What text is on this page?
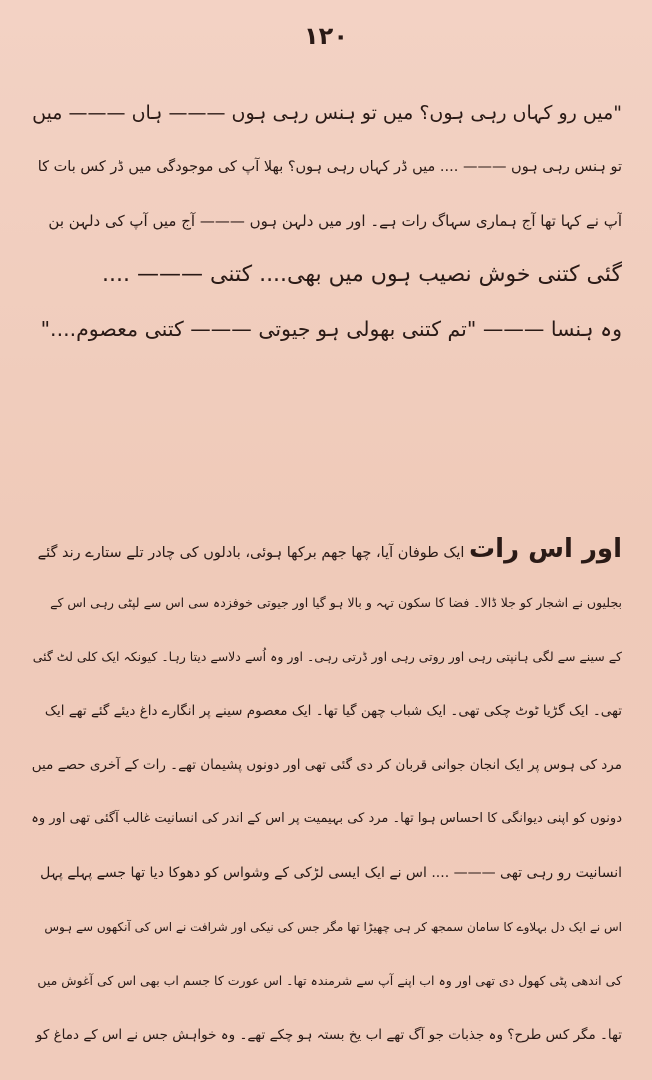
۱۲۰
"میں رو کہاں رہی ہوں؟ میں تو ہنس رہی ہوں ——— ہاں ——— میں
تو ہنس رہی ہوں ——— .... میں ڈر کہاں رہی ہوں؟ بھلا آپ کی موجودگی میں ڈر کس بات کا
آپ نے کہا تھا آج ہماری سہاگ رات ہے۔ اور میں دلہن ہوں ——— آج میں آپ کی دلہن بن
گئی کتنی خوش نصیب ہوں میں بھی.... کتنی ——— ....
وہ ہنسا ——— "تم کتنی بھولی ہو جیوتی ——— کتنی معصوم...."
اور اس رات ایک طوفان آیا، چھا جھم برکھا ہوئی، بادلوں کی چادر تلے ستارے رند گئے
بجلیوں نے اشجار کو جلا ڈالا۔ فضا کا سکون تہہ و بالا ہو گیا اور جیوتی خوفزدہ سی اس سے لپٹی رہی اس کے
کے سینے سے لگی ہانپتی رہی اور روتی رہی اور ڈرتی رہی۔ اور وہ اُسے دلاسے دیتا رہا۔ کیونکہ ایک کلی لٹ گئی
تھی۔ ایک گڑیا ٹوٹ چکی تھی۔ ایک شباب چھن گیا تھا۔ ایک معصوم سینے پر انگارے داغ دیئے گئے تھے ایک
مرد کی ہوس پر ایک انجان جوانی قربان کر دی گئی تھی اور دونوں پشیمان تھے۔ رات کے آخری حصے میں
دونوں کو اپنی دیوانگی کا احساس ہوا تھا۔ مرد کی بہیمیت پر اس کے اندر کی انسانیت غالب آگئی تھی اور وہ
انسانیت رو رہی تھی ——— .... اس نے ایک ایسی لڑکی کے وشواس کو دھوکا دیا تھا جسے پہلے پہل
اس نے ایک دل بہلاوے کا سامان سمجھ کر ہی چھیڑا تھا مگر جس کی نیکی اور شرافت نے اس کی آنکھوں سے ہوس
کی اندھی پٹی کھول دی تھی اور وہ اب اپنے آپ سے شرمندہ تھا۔ اس عورت کا جسم اب بھی اس کی آغوش میں
تھا۔ مگر کس طرح؟ وہ جذبات جو آگ تھے اب یخ بستہ ہو چکے تھے۔ وہ خواہش جس نے اس کے دماغ کو
